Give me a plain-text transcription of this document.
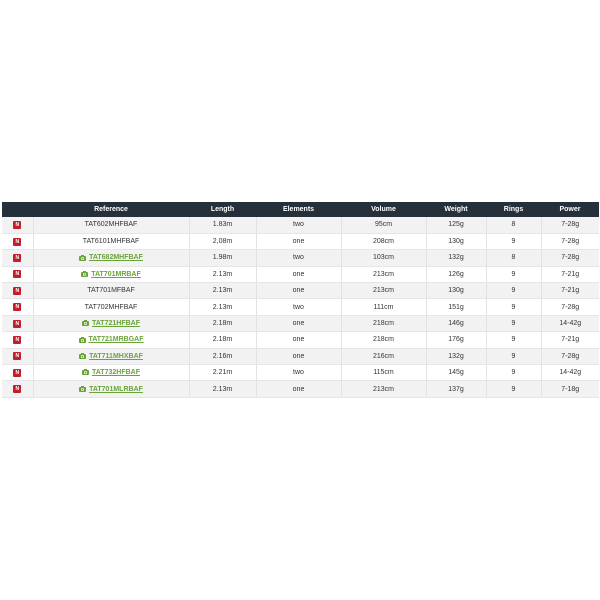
	Reference	Length	Elements	Volume	Weight	Rings	Power
N	TAT602MHFBAF	1.83m	two	95cm	125g	8	7-28g
N	TAT6101MHFBAF	2,08m	one	208cm	130g	9	7-28g
N	TAT682MHFBAF	1.98m	two	103cm	132g	8	7-28g
N	TAT701MRBAF	2.13m	one	213cm	126g	9	7-21g
N	TAT701MFBAF	2.13m	one	213cm	130g	9	7-21g
N	TAT702MHFBAF	2.13m	two	111cm	151g	9	7-28g
N	TAT721HFBAF	2.18m	one	218cm	146g	9	14-42g
N	TAT721MRBGAF	2.18m	one	218cm	176g	9	7-21g
N	TAT711MHXBAF	2.16m	one	216cm	132g	9	7-28g
N	TAT732HFBAF	2.21m	two	115cm	145g	9	14-42g
N	TAT701MLRBAF	2.13m	one	213cm	137g	9	7-18g
